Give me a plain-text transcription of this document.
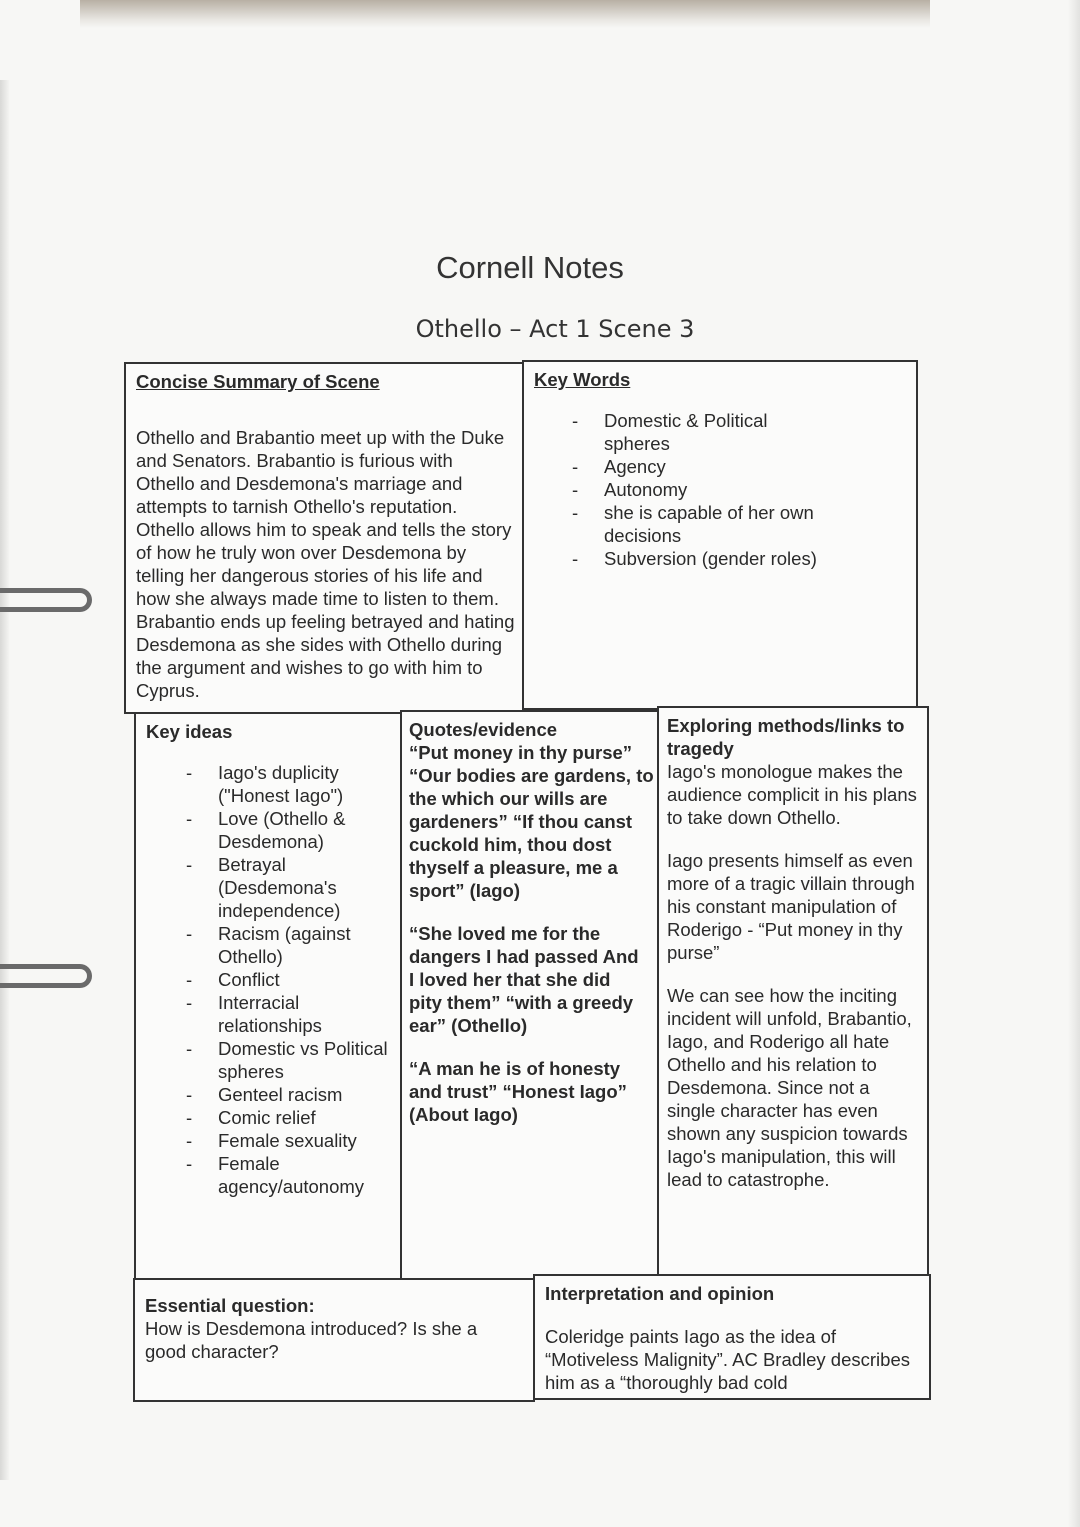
Cornell Notes
Othello – Act 1 Scene 3
Concise Summary of Scene

Othello and Brabantio meet up with the Duke and Senators. Brabantio is furious with Othello and Desdemona's marriage and attempts to tarnish Othello's reputation. Othello allows him to speak and tells the story of how he truly won over Desdemona by telling her dangerous stories of his life and how she always made time to listen to them. Brabantio ends up feeling betrayed and hating Desdemona as she sides with Othello during the argument and wishes to go with him to Cyprus.

Key Words
- Domestic & Political spheres
- Agency
- Autonomy
- she is capable of her own decisions
- Subversion (gender roles)
Key ideas
- Iago's duplicity ("Honest Iago")
- Love (Othello & Desdemona)
- Betrayal (Desdemona's independence)
- Racism (against Othello)
- Conflict
- Interracial relationships
- Domestic vs Political spheres
- Genteel racism
- Comic relief
- Female sexuality
- Female agency/autonomy
Quotes/evidence

“Put money in thy purse” “Our bodies are gardens, to the which our wills are gardeners” “If thou canst cuckold him, thou dost thyself a pleasure, me a sport” (Iago)

“She loved me for the dangers I had passed And I loved her that she did pity them” “with a greedy ear” (Othello)

“A man he is of honesty and trust” “Honest Iago” (About Iago)

Exploring methods/links to tragedy

Iago's monologue makes the audience complicit in his plans to take down Othello.

Iago presents himself as even more of a tragic villain through his constant manipulation of Roderigo - “Put money in thy purse”

We can see how the inciting incident will unfold, Brabantio, Iago, and Roderigo all hate Othello and his relation to Desdemona. Since not a single character has even shown any suspicion towards Iago's manipulation, this will lead to catastrophe.

Essential question:

How is Desdemona introduced? Is she a good character?

Interpretation and opinion

Coleridge paints Iago as the idea of “Motiveless Malignity”. AC Bradley describes him as a “thoroughly bad cold
